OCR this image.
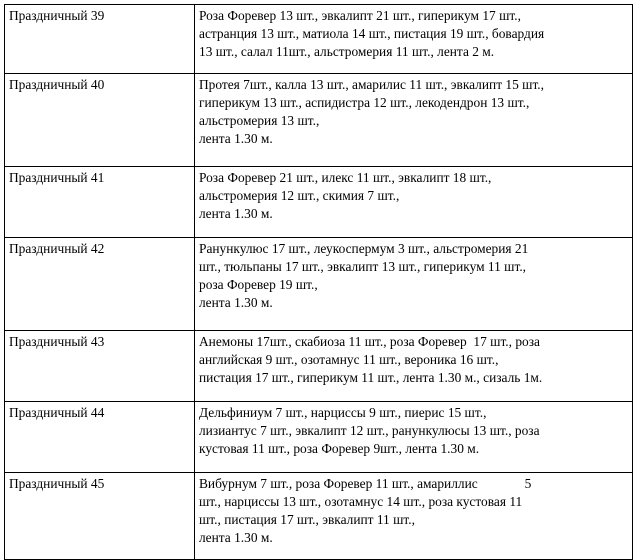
Праздничный 39	Роза Форевер 13 шт., эвкалипт 21 шт., гиперикум 17 шт.,
астранция 13 шт., матиола 14 шт., пистация 19 шт., бовардия
13 шт., салал 11шт., альстромерия 11 шт., лента 2 м.

Праздничный 40	Протея 7шт., калла 13 шт., амарилис 11 шт., эвкалипт 15 шт.,
гиперикум 13 шт., аспидистра 12 шт., лекодендрон 13 шт.,
альстромерия 13 шт.,
лента 1.30 м.

Праздничный 41	Роза Форевер 21 шт., илекс 11 шт., эвкалипт 18 шт.,
альстромерия 12 шт., скимия 7 шт.,
лента 1.30 м.

Праздничный 42	Ранункулюс 17 шт., леукоспермум 3 шт., альстромерия 21
шт., тюльпаны 17 шт., эвкалипт 13 шт., гиперикум 11 шт.,
роза Форевер 19 шт.,
лента 1.30 м.

Праздничный 43	Анемоны 17шт., скабиоза 11 шт., роза Форевер  17 шт., роза
английская 9 шт., озотамнус 11 шт., вероника 16 шт.,
пистация 17 шт., гиперикум 11 шт., лента 1.30 м., сизаль 1м.

Праздничный 44	Дельфиниум 7 шт., нарциссы 9 шт., пиерис 15 шт.,
лизиантус 7 шт., эвкалипт 12 шт., ранункулюсы 13 шт., роза
кустовая 11 шт., роза Форевер 9шт., лента 1.30 м.

Праздничный 45	Вибурнум 7 шт., роза Форевер 11 шт., амариллис              5
шт., нарциссы 13 шт., озотамнус 14 шт., роза кустовая 11
шт., пистация 17 шт., эвкалипт 11 шт.,
лента 1.30 м.
